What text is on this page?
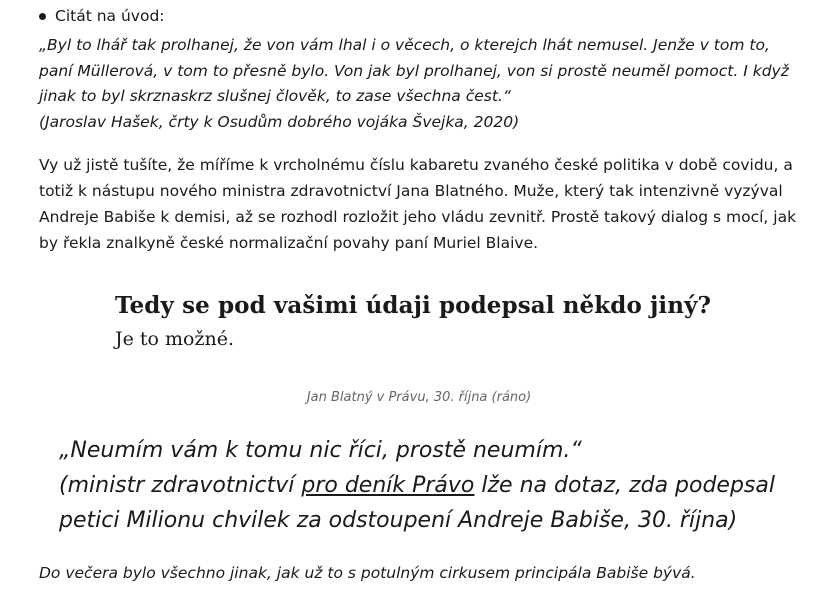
Citát na úvod:

„Byl to lhář tak prolhanej, že von vám lhal i o věcech, o kterejch lhát nemusel. Jenže v tom to, paní Müllerová, v tom to přesně bylo. Von jak byl prolhanej, von si prostě neuměl pomoct. I když jinak to byl skrznaskrz slušnej člověk, to zase všechna čest.“

(Jaroslav Hašek, črty k Osudům dobrého vojáka Švejka, 2020)

Vy už jistě tušíte, že míříme k vrcholnému číslu kabaretu zvaného české politika v době covidu, a totiž k nástupu nového ministra zdravotnictví Jana Blatného. Muže, který tak intenzivně vyzýval Andreje Babiše k demisi, až se rozhodl rozložit jeho vládu zevnitř. Prostě takový dialog s mocí, jak by řekla znalkyně české normalizační povahy paní Muriel Blaive.

Tedy se pod vašimi údaji podepsal někdo jiný?

Je to možné.

Jan Blatný v Právu, 30. října (ráno)

„Neumím vám k tomu nic říci, prostě neumím.“

(ministr zdravotnictví pro deník Právo lže na dotaz, zda podepsal petici Milionu chvilek za odstoupení Andreje Babiše, 30. října)

Do večera bylo všechno jinak, jak už to s potulným cirkusem principála Babiše bývá.
